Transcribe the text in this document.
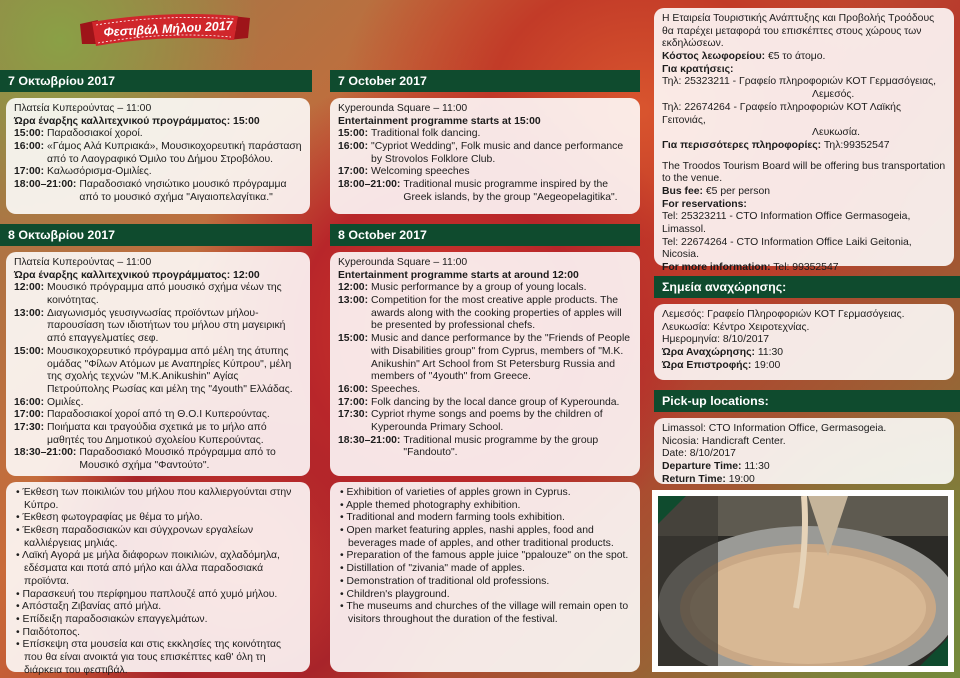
Φεστιβάλ Μήλου 2017
7 Οκτωβρίου 2017
Πλατεία Κυπερούντας – 11:00
Ώρα έναρξης καλλιτεχνικού προγράμματος: 15:00
15:00: Παραδοσιακοί χοροί.
16:00: «Γάμος Αλά Κυπριακά», Μουσικοχορευτική παράσταση από το Λαογραφικό Όμιλο του Δήμου Στροβόλου.
17:00: Καλωσόρισμα-Ομιλίες.
18:00–21:00: Παραδοσιακό νησιώτικο μουσικό πρόγραμμα από το μουσικό σχήμα "Αιγαιοπελαγίτικα."
8 Οκτωβρίου 2017
Πλατεία Κυπερούντας – 11:00
Ώρα έναρξης καλλιτεχνικού προγράμματος: 12:00
12:00: Μουσικό πρόγραμμα από μουσικό σχήμα νέων της κοινότητας.
13:00: Διαγωνισμός γευσιγνωσίας προϊόντων μήλου-παρουσίαση των ιδιοτήτων του μήλου στη μαγειρική από επαγγελματίες σεφ.
15:00: Μουσικοχορευτικό πρόγραμμα από μέλη της άτυπης ομάδας "Φίλων Ατόμων με Αναπηρίες Κύπρου", μέλη της σχολής τεχνών "M.K.Anikushin" Αγίας Πετρούπολης Ρωσίας και μέλη της "4youth" Ελλάδας.
16:00: Ομιλίες.
17:00: Παραδοσιακοί χοροί από τη Θ.Ο.Ι Κυπερούντας.
17:30: Ποιήματα και τραγούδια σχετικά με το μήλο από μαθητές του Δημοτικού σχολείου Κυπερούντας.
18:30–21:00: Παραδοσιακό Μουσικό πρόγραμμα από το Μουσικό σχήμα "Φαντούτο".
• Έκθεση των ποικιλιών του μήλου που καλλιεργούνται στην Κύπρο.
• Έκθεση φωτογραφίας με θέμα το μήλο.
• Έκθεση παραδοσιακών και σύγχρονων εργαλείων καλλιέργειας μηλιάς.
• Λαϊκή Αγορά με μήλα διάφορων ποικιλιών, αχλαδόμηλα, εδέσματα και ποτά από μήλο και άλλα παραδοσιακά προϊόντα.
• Παρασκευή του περίφημου παπλουζέ από χυμό μήλου.
• Απόσταξη Ζιβανίας από μήλα.
• Επίδειξη παραδοσιακών επαγγελμάτων.
• Παιδότοπος.
• Επίσκεψη στα μουσεία και στις εκκλησίες της κοινότητας που θα είναι ανοικτά για τους επισκέπτες καθ' όλη τη διάρκεια του φεστιβάλ.
7 October 2017
Kyperounda Square – 11:00
Entertainment programme starts at 15:00
15:00: Traditional folk dancing.
16:00: "Cypriot Wedding", Folk music and dance performance by Strovolos Folklore Club.
17:00: Welcoming speeches
18:00–21:00: Traditional music programme inspired by the Greek islands, by the group "Aegeopelagitika".
8 October 2017
Kyperounda Square – 11:00
Entertainment programme starts at around 12:00
12:00: Music performance by a group of young locals.
13:00: Competition for the most creative apple products. The awards along with the cooking properties of apples will be presented by professional chefs.
15:00: Music and dance performance by the "Friends of People with Disabilities group" from Cyprus, members of "M.K. Anikushin" Art School from St Petersburg Russia and members of "4youth" from Greece.
16:00: Speeches.
17:00: Folk dancing by the local dance group of Kyperounda.
17:30: Cypriot rhyme songs and poems by the children of Kyperounda Primary School.
18:30–21:00: Traditional music programme by the group "Fandouto".
• Exhibition of varieties of apples grown in Cyprus.
• Apple themed photography exhibition.
• Traditional and modern farming tools exhibition.
• Open market featuring apples, nashi apples, food and beverages made of apples, and other traditional products.
• Preparation of the famous apple juice "ppalouze" on the spot.
• Distillation of "zivania" made of apples.
• Demonstration of traditional old professions.
• Children's playground.
• The museums and churches of the village will remain open to visitors throughout the duration of the festival.
Η Εταιρεία Τουριστικής Ανάπτυξης και Προβολής Τροόδους θα παρέχει μεταφορά του επισκέπτες στους χώρους των εκδηλώσεων.
Κόστος λεωφορείου: €5 το άτομο.
Για κρατήσεις:
Τηλ: 25323211 - Γραφείο πληροφοριών ΚΟΤ Γερμασόγειας,
Λεμεσός.
Τηλ: 22674264 - Γραφείο πληροφοριών ΚΟΤ Λαϊκής Γειτονιάς,
Λευκωσία.
Για περισσότερες πληροφορίες: Τηλ:99352547
The Troodos Tourism Board will be offering bus transportation to the venue.
Bus fee: €5 per person
For reservations:
Tel: 25323211 - CTO Information Office Germasogeia, Limassol.
Tel: 22674264 - CTO Information Office Laiki Geitonia, Nicosia.
For more information: Tel: 99352547
Σημεία αναχώρησης:
Λεμεσός: Γραφείο Πληροφοριών ΚΟΤ Γερμασόγειας.
Λευκωσία: Κέντρο Χειροτεχνίας.
Ημερομηνία: 8/10/2017
Ώρα Αναχώρησης: 11:30
Ώρα Επιστροφής: 19:00
Pick-up locations:
Limassol: CTO Information Office, Germasogeia.
Nicosia: Handicraft Center.
Date: 8/10/2017
Departure Time: 11:30
Return Time: 19:00
